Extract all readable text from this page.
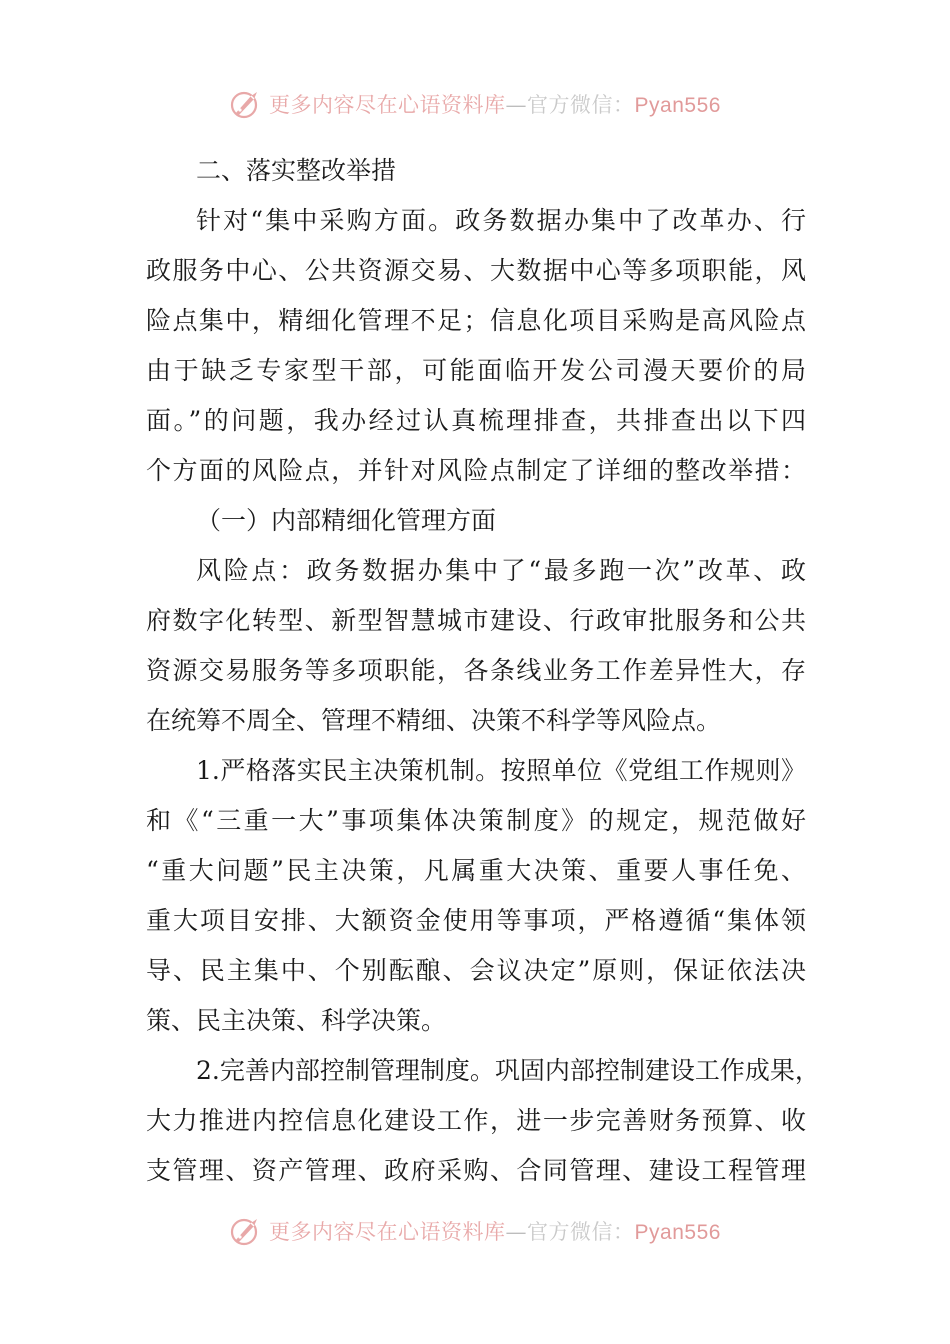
更多内容尽在心语资料库—官方微信：Pyan556
二、落实整改举措
针对“集中采购方面。政务数据办集中了改革办、行
政服务中心、公共资源交易、大数据中心等多项职能，风
险点集中，精细化管理不足；信息化项目采购是高风险点
由于缺乏专家型干部，可能面临开发公司漫天要价的局
面。”的问题，我办经过认真梳理排查，共排查出以下四
个方面的风险点，并针对风险点制定了详细的整改举措：
（一）内部精细化管理方面
风险点：政务数据办集中了“最多跑一次”改革、政
府数字化转型、新型智慧城市建设、行政审批服务和公共
资源交易服务等多项职能，各条线业务工作差异性大，存
在统筹不周全、管理不精细、决策不科学等风险点。
1.严格落实民主决策机制。按照单位《党组工作规则》
和《“三重一大”事项集体决策制度》的规定，规范做好
“重大问题”民主决策，凡属重大决策、重要人事任免、
重大项目安排、大额资金使用等事项，严格遵循“集体领
导、民主集中、个别酝酿、会议决定”原则，保证依法决
策、民主决策、科学决策。
2.完善内部控制管理制度。巩固内部控制建设工作成果，
大力推进内控信息化建设工作，进一步完善财务预算、收
支管理、资产管理、政府采购、合同管理、建设工程管理
更多内容尽在心语资料库—官方微信：Pyan556
